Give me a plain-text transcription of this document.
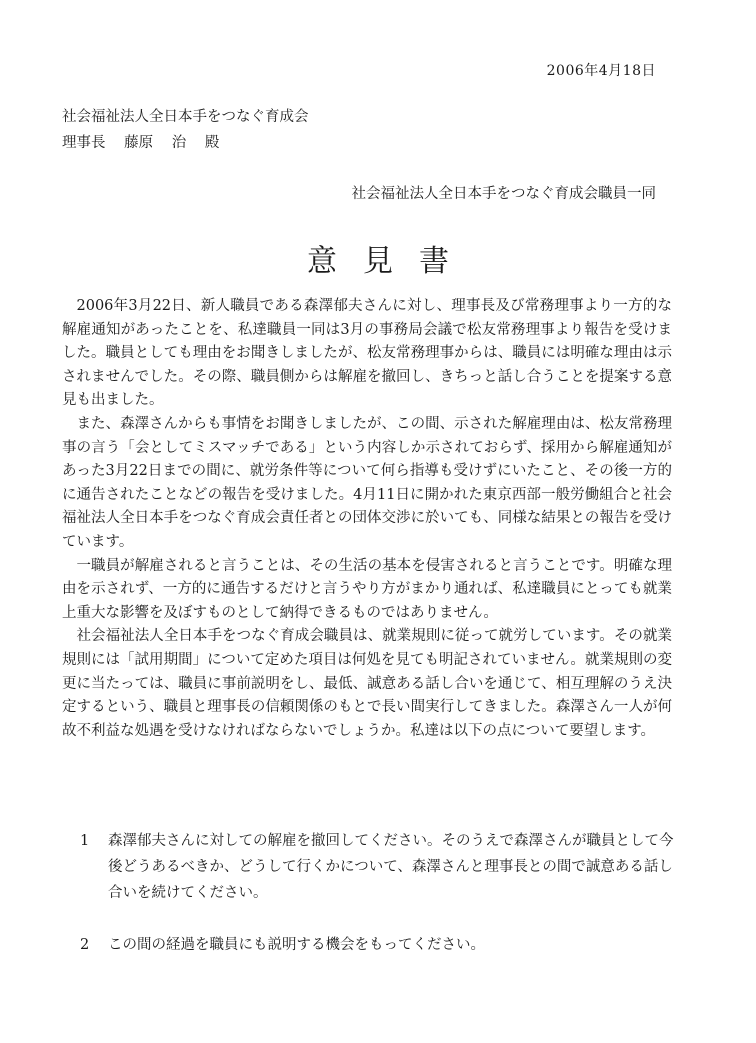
2006年4月18日
社会福祉法人全日本手をつなぐ育成会
理事長 藤原 治 殿
社会福祉法人全日本手をつなぐ育成会職員一同
意見書

2006年3月22日、新人職員である森澤郁夫さんに対し、理事長及び常務理事より一方的な解雇通知があったことを、私達職員一同は3月の事務局会議で松友常務理事より報告を受けました。職員としても理由をお聞きしましたが、松友常務理事からは、職員には明確な理由は示されませんでした。その際、職員側からは解雇を撤回し、きちっと話し合うことを提案する意見も出ました。

また、森澤さんからも事情をお聞きしましたが、この間、示された解雇理由は、松友常務理事の言う「会としてミスマッチである」という内容しか示されておらず、採用から解雇通知があった3月22日までの間に、就労条件等について何ら指導も受けずにいたこと、その後一方的に通告されたことなどの報告を受けました。4月11日に開かれた東京西部一般労働組合と社会福祉法人全日本手をつなぐ育成会責任者との団体交渉に於いても、同様な結果との報告を受けています。

一職員が解雇されると言うことは、その生活の基本を侵害されると言うことです。明確な理由を示されず、一方的に通告するだけと言うやり方がまかり通れば、私達職員にとっても就業上重大な影響を及ぼすものとして納得できるものではありません。

社会福祉法人全日本手をつなぐ育成会職員は、就業規則に従って就労しています。その就業規則には「試用期間」について定めた項目は何処を見ても明記されていません。就業規則の変更に当たっては、職員に事前説明をし、最低、誠意ある話し合いを通じて、相互理解のうえ決定するという、職員と理事長の信頼関係のもとで長い間実行してきました。森澤さん一人が何故不利益な処遇を受けなければならないでしょうか。私達は以下の点について要望します。

1	森澤郁夫さんに対しての解雇を撤回してください。そのうえで森澤さんが職員として今後どうあるべきか、どうして行くかについて、森澤さんと理事長との間で誠意ある話し合いを続けてください。
2	この間の経過を職員にも説明する機会をもってください。
